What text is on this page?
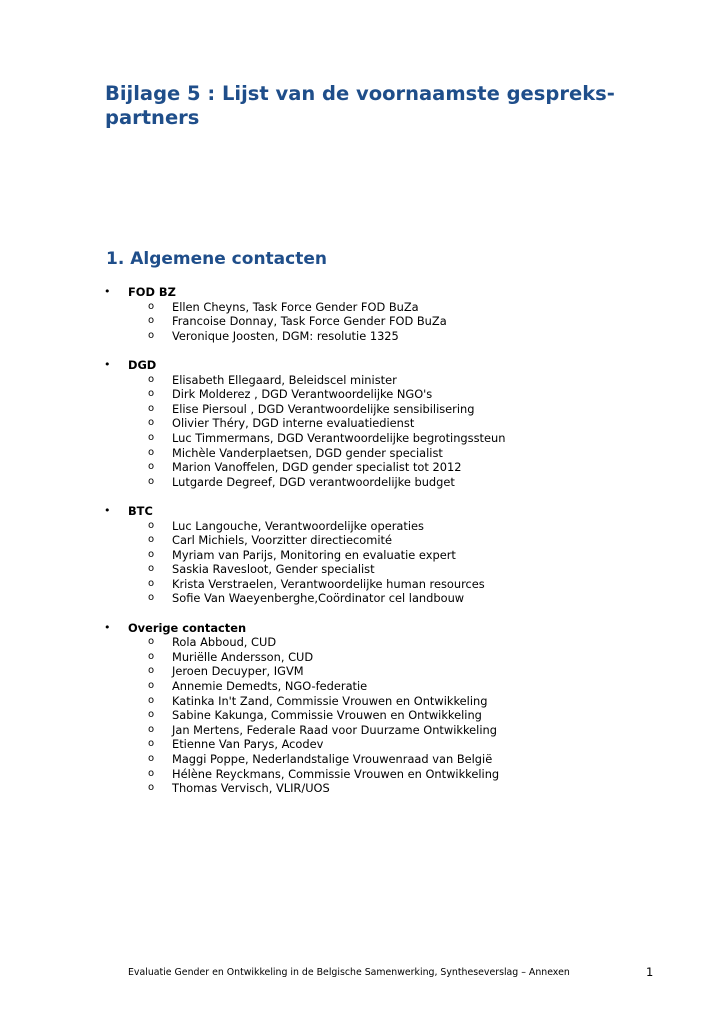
Bijlage 5 : Lijst van de voornaamste gespreks-partners
1. Algemene contacten
• FOD BZ
o Ellen Cheyns, Task Force Gender FOD BuZa
o Francoise Donnay, Task Force Gender FOD BuZa
o Veronique Joosten, DGM: resolutie 1325
• DGD
o Elisabeth Ellegaard, Beleidscel minister
o Dirk Molderez , DGD Verantwoordelijke NGO's
o Elise Piersoul , DGD Verantwoordelijke sensibilisering
o Olivier Théry, DGD interne evaluatiedienst
o Luc Timmermans, DGD Verantwoordelijke begrotingssteun
o Michèle Vanderplaetsen, DGD gender specialist
o Marion Vanoffelen, DGD gender specialist tot 2012
o Lutgarde Degreef, DGD verantwoordelijke budget
• BTC
o Luc Langouche, Verantwoordelijke operaties
o Carl Michiels, Voorzitter directiecomité
o Myriam van Parijs, Monitoring en evaluatie expert
o Saskia Ravesloot, Gender specialist
o Krista Verstraelen, Verantwoordelijke human resources
o Sofie Van Waeyenberghe,Coördinator cel landbouw
• Overige contacten
o Rola Abboud, CUD
o Muriëlle Andersson, CUD
o Jeroen Decuyper, IGVM
o Annemie Demedts, NGO-federatie
o Katinka In't Zand, Commissie Vrouwen en Ontwikkeling
o Sabine Kakunga, Commissie Vrouwen en Ontwikkeling
o Jan Mertens, Federale Raad voor Duurzame Ontwikkeling
o Etienne Van Parys, Acodev
o Maggi Poppe, Nederlandstalige Vrouwenraad van België
o Hélène Reyckmans, Commissie Vrouwen en Ontwikkeling
o Thomas Vervisch, VLIR/UOS
Evaluatie Gender en Ontwikkeling in de Belgische Samenwerking, Syntheseverslag – Annexen	1
